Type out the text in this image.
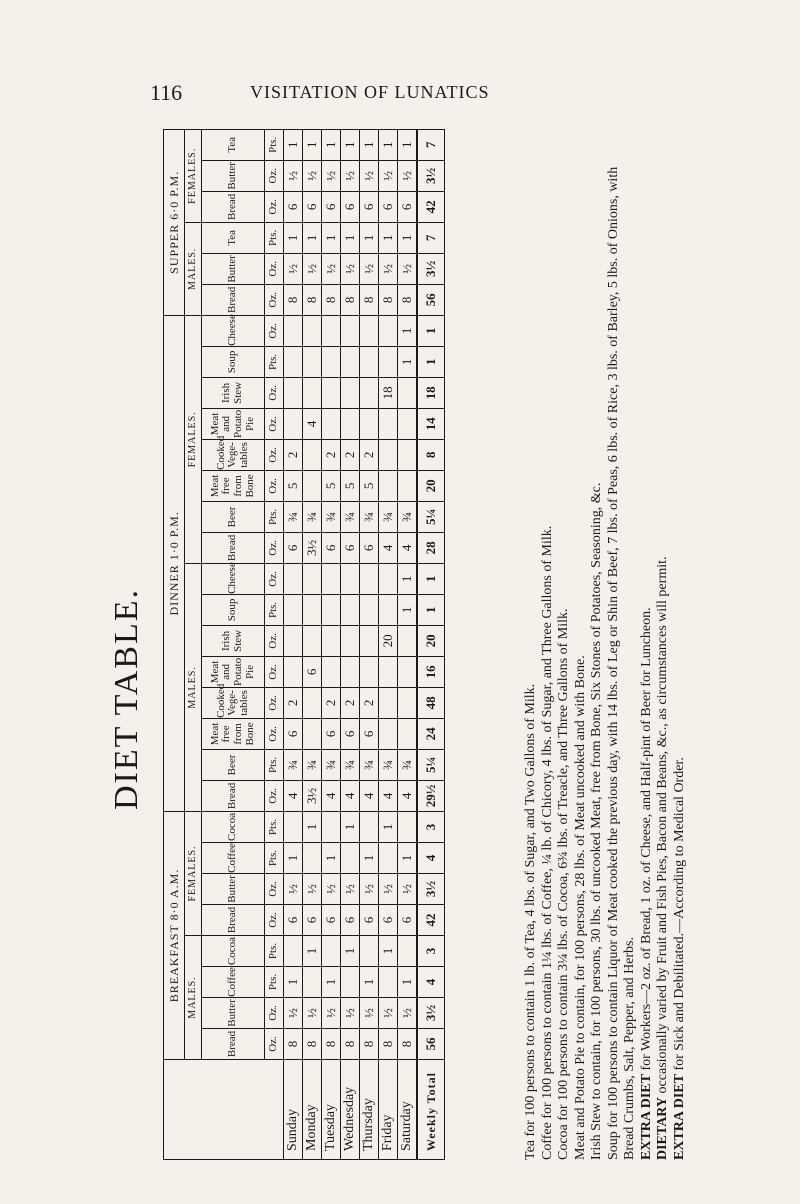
116	VISITATION OF LUNATICS
DIET TABLE.
	BREAKFAST 8·0 A.M.								DINNER 1·0 P.M.																SUPPER 6·0 P.M.					
	MALES.				FEMALES.				MALES.								FEMALES.								MALES.			FEMALES.		
	Bread	Butter	Coffee	Cocoa	Bread	Butter	Coffee	Cocoa	Bread	Beer	Meat free from Bone	Cooked Vege-tables	Meat and Potato Pie	Irish Stew	Soup	Cheese	Bread	Beer	Meat free from Bone	Cooked Vege-tables	Meat and Potato Pie	Irish Stew	Soup	Cheese	Bread	Butter	Tea	Bread	Butter	Tea
	Oz.	Oz.	Pts.	Pts.	Oz.	Oz.	Pts.	Pts.	Oz.	Pts.	Oz.	Oz.	Oz.	Oz.	Pts.	Oz.	Oz.	Pts.	Oz.	Oz.	Oz.	Oz.	Pts.	Oz.	Oz.	Oz.	Pts.	Oz.	Oz.	Pts.
Sunday	8	½	1		6	½	1		4	¾	6	2					6	¾	5	2					8	½	1	6	½	1
Monday	8	½		1	6	½		1	3½	¾			6				3½	¾			4				8	½	1	6	½	1
Tuesday	8	½	1		6	½	1		4	¾	6	2					6	¾	5	2					8	½	1	6	½	1
Wednesday	8	½		1	6	½		1	4	¾	6	2					6	¾	5	2					8	½	1	6	½	1
Thursday	8	½	1		6	½	1		4	¾	6	2					6	¾	5	2					8	½	1	6	½	1
Friday	8	½		1	6	½		1	4	¾				20			4	¾				18			8	½	1	6	½	1
Saturday	8	½	1		6	½	1		4	¾					1	1	4	¾					1	1	8	½	1	6	½	1
Weekly Total	56	3½	4	3	42	3½	4	3	29½	5¼	24	48	16	20	1	1	28	5¼	20	8	14	18	1	1	56	3½	7	42	3½	7

Tea for 100 persons to contain 1 lb. of Tea, 4 lbs. of Sugar, and Two Gallons of Milk. Coffee for 100 persons to contain 1¼ lbs. of Coffee, ¼ lb. of Chicory, 4 lbs. of Sugar, and Three Gallons of Milk. Cocoa for 100 persons to contain 3¼ lbs. of Cocoa, 6¾ lbs. of Treacle, and Three Gallons of Milk. Meat and Potato Pie to contain, for 100 persons, 28 lbs. of Meat uncooked and with Bone. Irish Stew to contain, for 100 persons, 30 lbs. of uncooked Meat, free from Bone, Six Stones of Potatoes, Seasoning, &c. Soup for 100 persons to contain Liquor of Meat cooked the previous day, with 14 lbs. of Leg or Shin of Beef, 7 lbs. of Peas, 6 lbs. of Rice, 3 lbs. of Barley, 5 lbs. of Onions, with Bread Crumbs, Salt, Pepper, and Herbs. EXTRA DIET for Workers—2 oz. of Bread, 1 oz. of Cheese, and Half-pint of Beer for Luncheon.

DIETARY occasionally varied by Fruit and Fish Pies, Bacon and Beans, &c., as circumstances will permit.

EXTRA DIET for Sick and Debilitated.—According to Medical Order.
